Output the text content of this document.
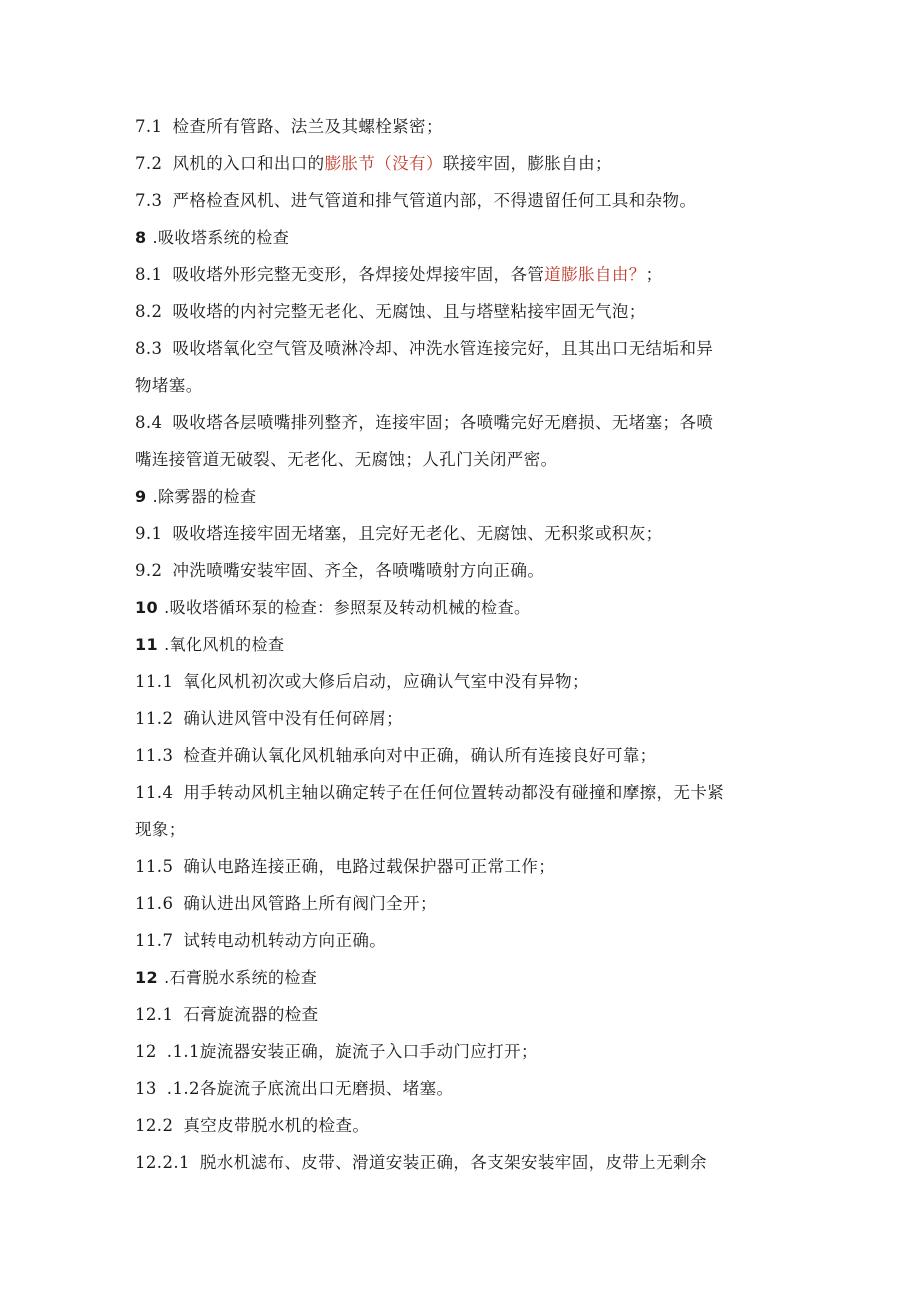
7.1 检查所有管路、法兰及其螺栓紧密；
7.2 风机的入口和出口的膨胀节（没有）联接牢固，膨胀自由；
7.3 严格检查风机、进气管道和排气管道内部，不得遗留任何工具和杂物。
8 .吸收塔系统的检查
8.1 吸收塔外形完整无变形，各焊接处焊接牢固，各管道膨胀自由？；
8.2 吸收塔的内衬完整无老化、无腐蚀、且与塔壁粘接牢固无气泡；
8.3 吸收塔氧化空气管及喷淋冷却、冲洗水管连接完好，且其出口无结垢和异
物堵塞。
8.4 吸收塔各层喷嘴排列整齐，连接牢固；各喷嘴完好无磨损、无堵塞；各喷
嘴连接管道无破裂、无老化、无腐蚀；人孔门关闭严密。
9 .除雾器的检查
9.1 吸收塔连接牢固无堵塞，且完好无老化、无腐蚀、无积浆或积灰；
9.2 冲洗喷嘴安装牢固、齐全，各喷嘴喷射方向正确。
10 .吸收塔循环泵的检查：参照泵及转动机械的检查。
11 .氧化风机的检查
11.1 氧化风机初次或大修后启动，应确认气室中没有异物；
11.2 确认进风管中没有任何碎屑；
11.3 检查并确认氧化风机轴承向对中正确，确认所有连接良好可靠；
11.4 用手转动风机主轴以确定转子在任何位置转动都没有碰撞和摩擦，无卡紧
现象；
11.5 确认电路连接正确，电路过载保护器可正常工作；
11.6 确认进出风管路上所有阀门全开；
11.7 试转电动机转动方向正确。
12 .石膏脱水系统的检查
12.1 石膏旋流器的检查
12 .1.1旋流器安装正确，旋流子入口手动门应打开；
13 .1.2各旋流子底流出口无磨损、堵塞。
12.2 真空皮带脱水机的检查。
12.2.1 脱水机滤布、皮带、滑道安装正确，各支架安装牢固，皮带上无剩余
